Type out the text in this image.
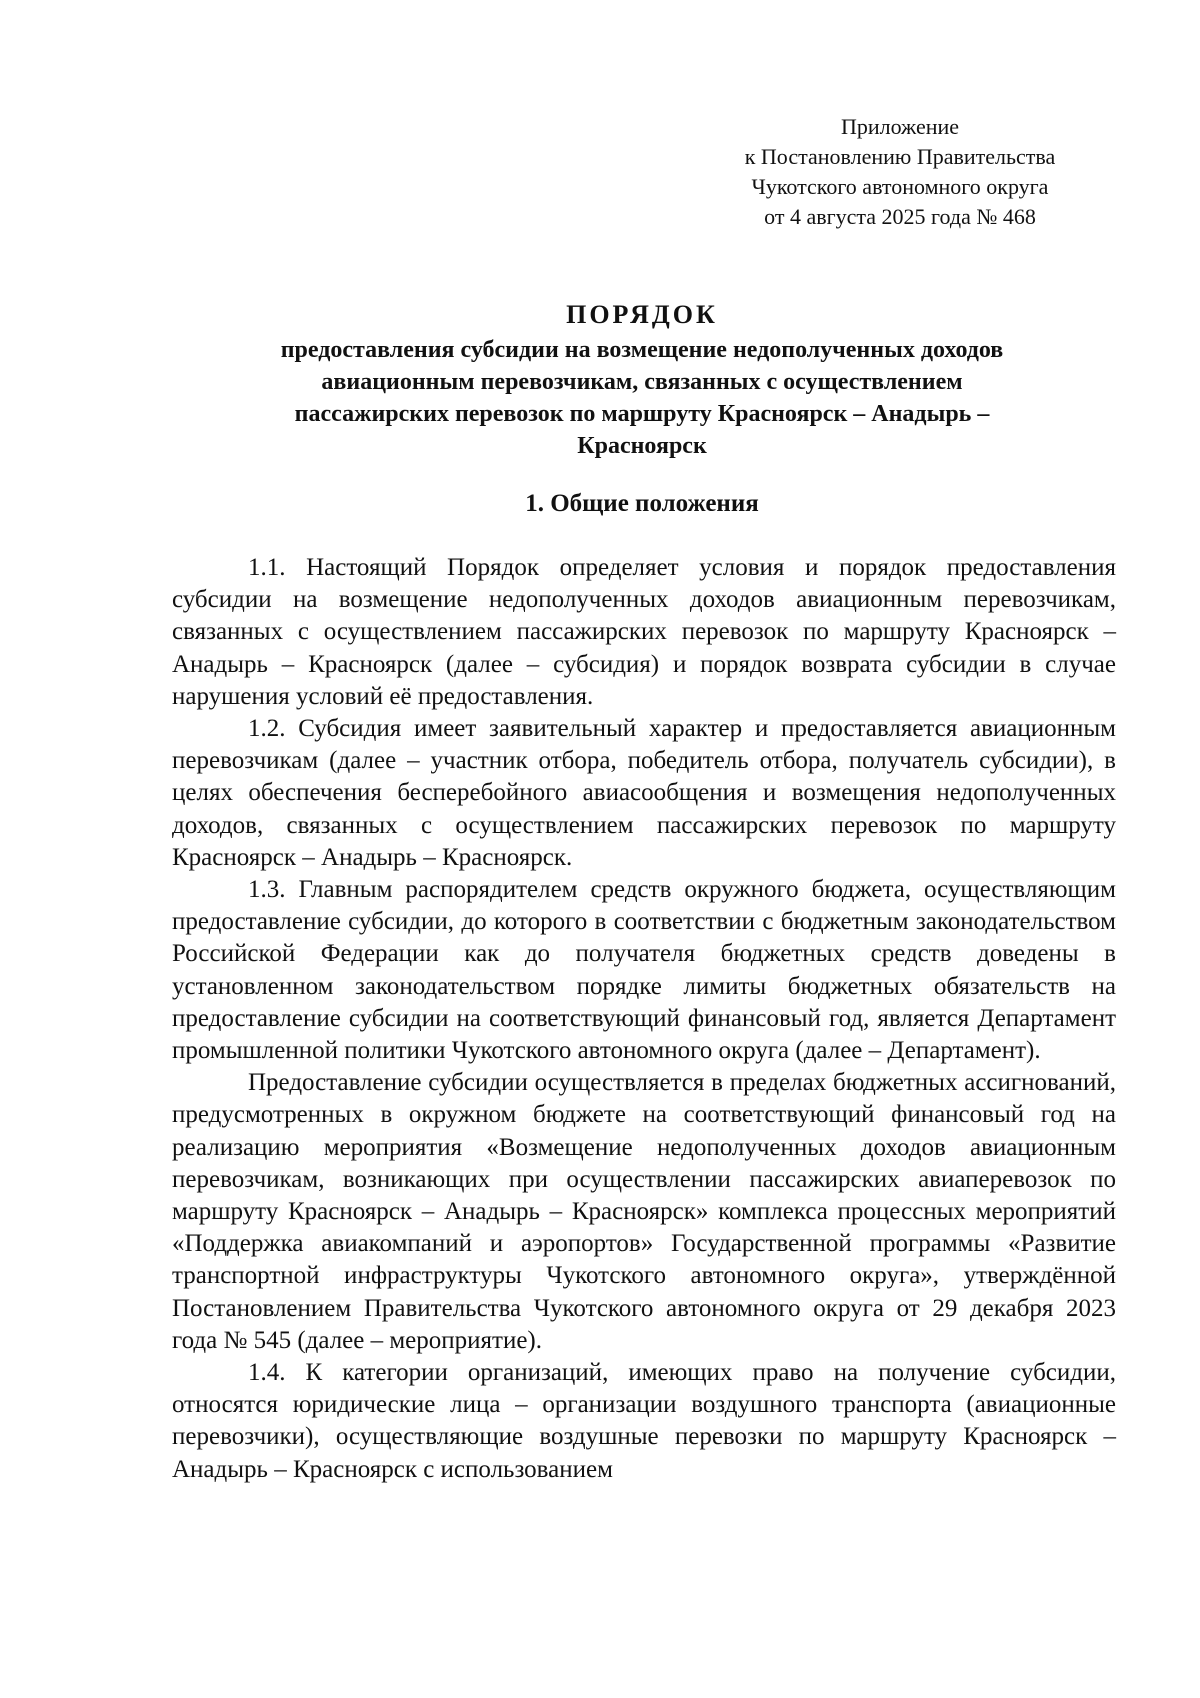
Приложение
к Постановлению Правительства
Чукотского автономного округа
от 4 августа 2025 года № 468
ПОРЯДОК
предоставления субсидии на возмещение недополученных доходов
авиационным перевозчикам, связанных с осуществлением
пассажирских перевозок по маршруту Красноярск – Анадырь –
Красноярск
1. Общие положения

1.1. Настоящий Порядок определяет условия и порядок предоставления субсидии на возмещение недополученных доходов авиационным перевозчикам, связанных с осуществлением пассажирских перевозок по маршруту Красноярск – Анадырь – Красноярск (далее – субсидия) и порядок возврата субсидии в случае нарушения условий её предоставления.

1.2. Субсидия имеет заявительный характер и предоставляется авиационным перевозчикам (далее – участник отбора, победитель отбора, получатель субсидии), в целях обеспечения бесперебойного авиасообщения и возмещения недополученных доходов, связанных с осуществлением пассажирских перевозок по маршруту Красноярск – Анадырь – Красноярск.

1.3. Главным распорядителем средств окружного бюджета, осуществляющим предоставление субсидии, до которого в соответствии с бюджетным законодательством Российской Федерации как до получателя бюджетных средств доведены в установленном законодательством порядке лимиты бюджетных обязательств на предоставление субсидии на соответствующий финансовый год, является Департамент промышленной политики Чукотского автономного округа (далее – Департамент).

Предоставление субсидии осуществляется в пределах бюджетных ассигнований, предусмотренных в окружном бюджете на соответствующий финансовый год на реализацию мероприятия «Возмещение недополученных доходов авиационным перевозчикам, возникающих при осуществлении пассажирских авиаперевозок по маршруту Красноярск – Анадырь – Красноярск» комплекса процессных мероприятий «Поддержка авиакомпаний и аэропортов» Государственной программы «Развитие транспортной инфраструктуры Чукотского автономного округа», утверждённой Постановлением Правительства Чукотского автономного округа от 29 декабря 2023 года № 545 (далее – мероприятие).

1.4. К категории организаций, имеющих право на получение субсидии, относятся юридические лица – организации воздушного транспорта (авиационные перевозчики), осуществляющие воздушные перевозки по маршруту Красноярск – Анадырь – Красноярск с использованием
